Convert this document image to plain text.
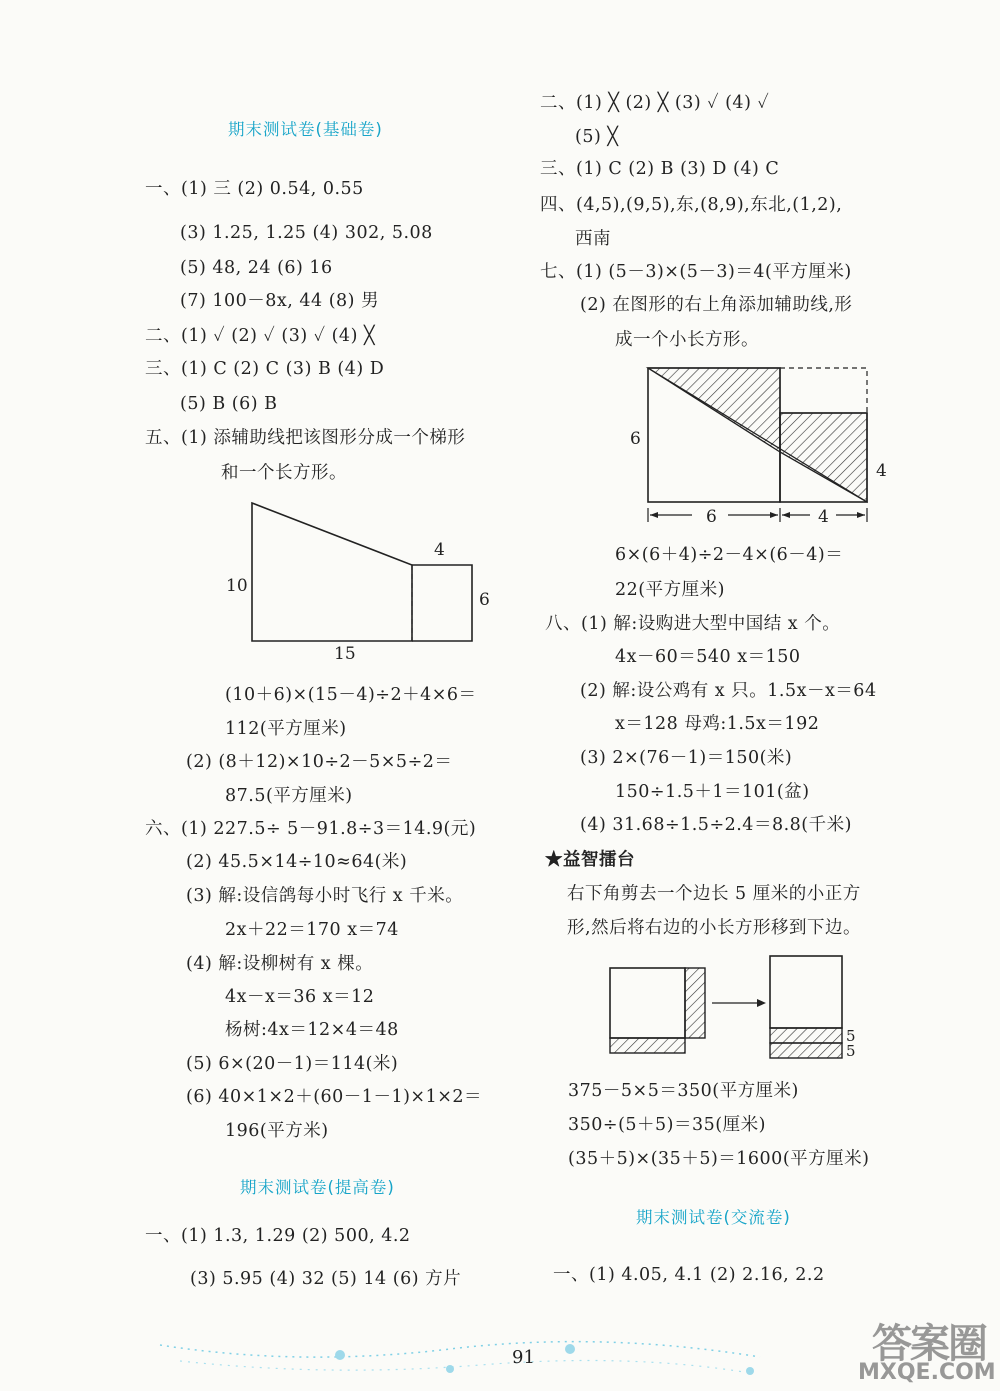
期末测试卷(基础卷)
一、(1) 三 (2) 0.54, 0.55
(3) 1.25, 1.25 (4) 302, 5.08
(5) 48, 24 (6) 16
(7) 100－8x, 44 (8) 男
二、(1) ✓ (2) ✓ (3) ✓ (4) ╳
三、(1) C (2) C (3) B (4) D
(5) B (6) B
五、(1) 添辅助线把该图形分成一个梯形
和一个长方形。
10
4
6
15
(10＋6)×(15－4)÷2＋4×6＝
112(平方厘米)
(2) (8＋12)×10÷2－5×5÷2＝
87.5(平方厘米)
六、(1) 227.5÷ 5－91.8÷3＝14.9(元)
(2) 45.5×14÷10≈64(米)
(3) 解:设信鸽每小时飞行 x 千米。
2x＋22＝170 x＝74
(4) 解:设柳树有 x 棵。
4x－x＝36 x＝12
杨树:4x＝12×4＝48
(5) 6×(20－1)＝114(米)
(6) 40×1×2＋(60－1－1)×1×2＝
196(平方米)
期末测试卷(提高卷)
一、(1) 1.3, 1.29 (2) 500, 4.2
(3) 5.95 (4) 32 (5) 14 (6) 方片
二、(1) ╳ (2) ╳ (3) ✓ (4) ✓
(5) ╳
三、(1) C (2) B (3) D (4) C
四、(4,5),(9,5),东,(8,9),东北,(1,2),
西南
七、(1) (5－3)×(5－3)＝4(平方厘米)
(2) 在图形的右上角添加辅助线,形
成一个小长方形。
6
4
6	4
6×(6＋4)÷2－4×(6－4)＝
22(平方厘米)
八、(1) 解:设购进大型中国结 x 个。
4x－60＝540 x＝150
(2) 解:设公鸡有 x 只。1.5x－x＝64
x＝128 母鸡:1.5x＝192
(3) 2×(76－1)＝150(米)
150÷1.5＋1＝101(盆)
(4) 31.68÷1.5÷2.4＝8.8(千米)
★益智擂台
右下角剪去一个边长 5 厘米的小正方
形,然后将右边的小长方形移到下边。
5
5
375－5×5＝350(平方厘米)
350÷(5＋5)＝35(厘米)
(35＋5)×(35＋5)＝1600(平方厘米)
期末测试卷(交流卷)
一、(1) 4.05, 4.1 (2) 2.16, 2.2
91	答案圈
MXQE.COM
